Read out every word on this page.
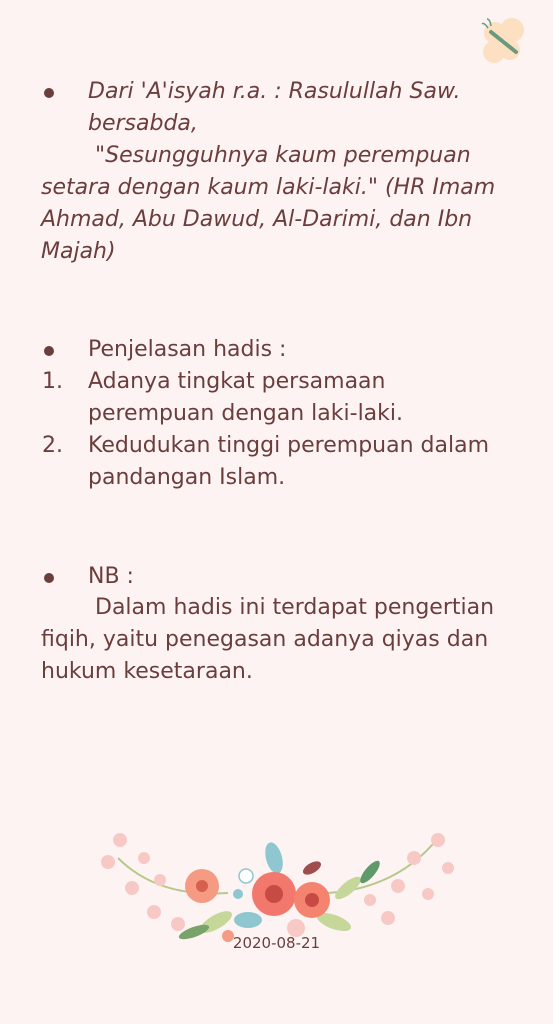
Dari 'A'isyah r.a. : Rasulullah Saw.
bersabda,
"Sesungguhnya kaum perempuan setara dengan kaum laki-laki." (HR Imam Ahmad, Abu Dawud, Al-Darimi, dan Ibn Majah)
Penjelasan hadis :
1. Adanya tingkat persamaan
perempuan dengan laki-laki.
2. Kedudukan tinggi perempuan dalam
pandangan Islam.
NB :
Dalam hadis ini terdapat pengertian fiqih, yaitu penegasan adanya qiyas dan hukum kesetaraan.
2020-08-21
